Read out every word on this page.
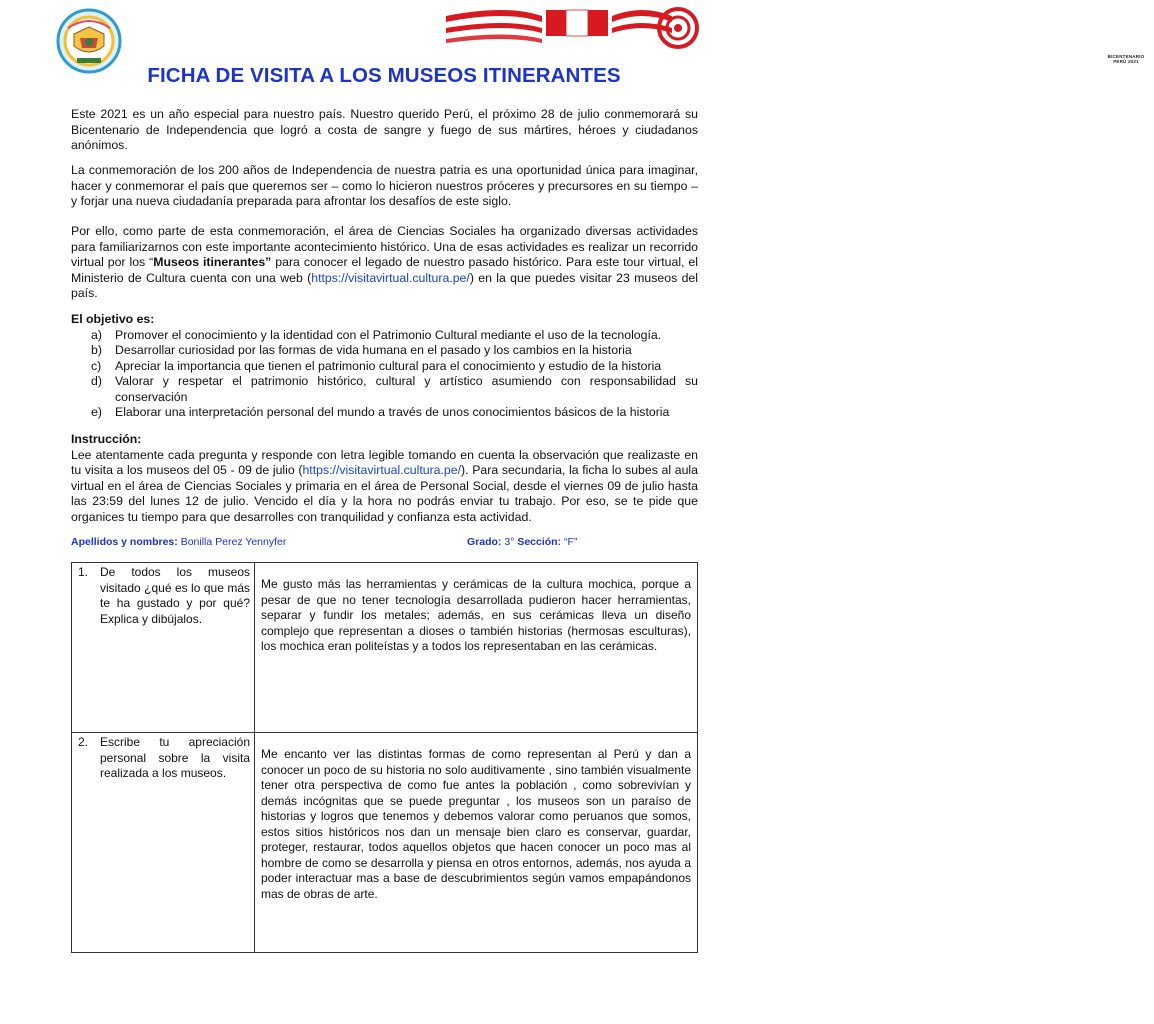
BICENTENARIO
PERÚ 2021
FICHA DE VISITA A LOS MUSEOS ITINERANTES
Este 2021 es un año especial para nuestro país. Nuestro querido Perú, el próximo 28 de julio conmemorará su Bicentenario de Independencia que logró a costa de sangre y fuego de sus mártires, héroes y ciudadanos anónimos.
La conmemoración de los 200 años de Independencia de nuestra patria es una oportunidad única para imaginar, hacer y conmemorar el país que queremos ser – como lo hicieron nuestros próceres y precursores en su tiempo – y forjar una nueva ciudadanía preparada para afrontar los desafíos de este siglo.
Por ello, como parte de esta conmemoración, el área de Ciencias Sociales ha organizado diversas actividades para familiarizarnos con este importante acontecimiento histórico. Una de esas actividades es realizar un recorrido virtual por los “Museos itinerantes” para conocer el legado de nuestro pasado histórico. Para este tour virtual, el Ministerio de Cultura cuenta con una web (https://visitavirtual.cultura.pe/) en la que puedes visitar 23 museos del país.
El objetivo es:
a) Promover el conocimiento y la identidad con el Patrimonio Cultural mediante el uso de la tecnología.
b) Desarrollar curiosidad por las formas de vida humana en el pasado y los cambios en la historia
c) Apreciar la importancia que tienen el patrimonio cultural para el conocimiento y estudio de la historia
d) Valorar y respetar el patrimonio histórico, cultural y artístico asumiendo con responsabilidad su conservación
e) Elaborar una interpretación personal del mundo a través de unos conocimientos básicos de la historia
Instrucción:
Lee atentamente cada pregunta y responde con letra legible tomando en cuenta la observación que realizaste en tu visita a los museos del 05 - 09 de julio (https://visitavirtual.cultura.pe/). Para secundaria, la ficha lo subes al aula virtual en el área de Ciencias Sociales y primaria en el área de Personal Social, desde el viernes 09 de julio hasta las 23:59 del lunes 12 de julio. Vencido el día y la hora no podrás enviar tu trabajo. Por eso, se te pide que organices tu tiempo para que desarrolles con tranquilidad y confianza esta actividad.
Apellidos y nombres: Bonilla Perez Yennyfer	Grado: 3° Sección: “F”
1. De todos los museos visitado ¿qué es lo que más te ha gustado y por qué? Explica y dibújalos.	Me gusto más las herramientas y cerámicas de la cultura mochica, porque a pesar de que no tener tecnología desarrollada pudieron hacer herramientas, separar y fundir los metales; además, en sus cerámicas lleva un diseño complejo que representan a dioses o también historias (hermosas esculturas), los mochica eran politeístas y a todos los representaban en las cerámicas.

2. Escribe tu apreciación personal sobre la visita realizada a los museos.	Me encanto ver las distintas formas de como representan al Perú y dan a conocer un poco de su historia no solo auditivamente , sino también visualmente tener otra perspectiva de como fue antes la población , como sobrevivían y demás incógnitas que se puede preguntar , los museos son un paraíso de historias y logros que tenemos y debemos valorar como peruanos que somos, estos sitios históricos nos dan un mensaje bien claro es conservar, guardar, proteger, restaurar, todos aquellos objetos que hacen conocer un poco mas al hombre de como se desarrolla y piensa en otros entornos, además, nos ayuda a poder interactuar mas a base de descubrimientos según vamos empapándonos mas de obras de arte.
